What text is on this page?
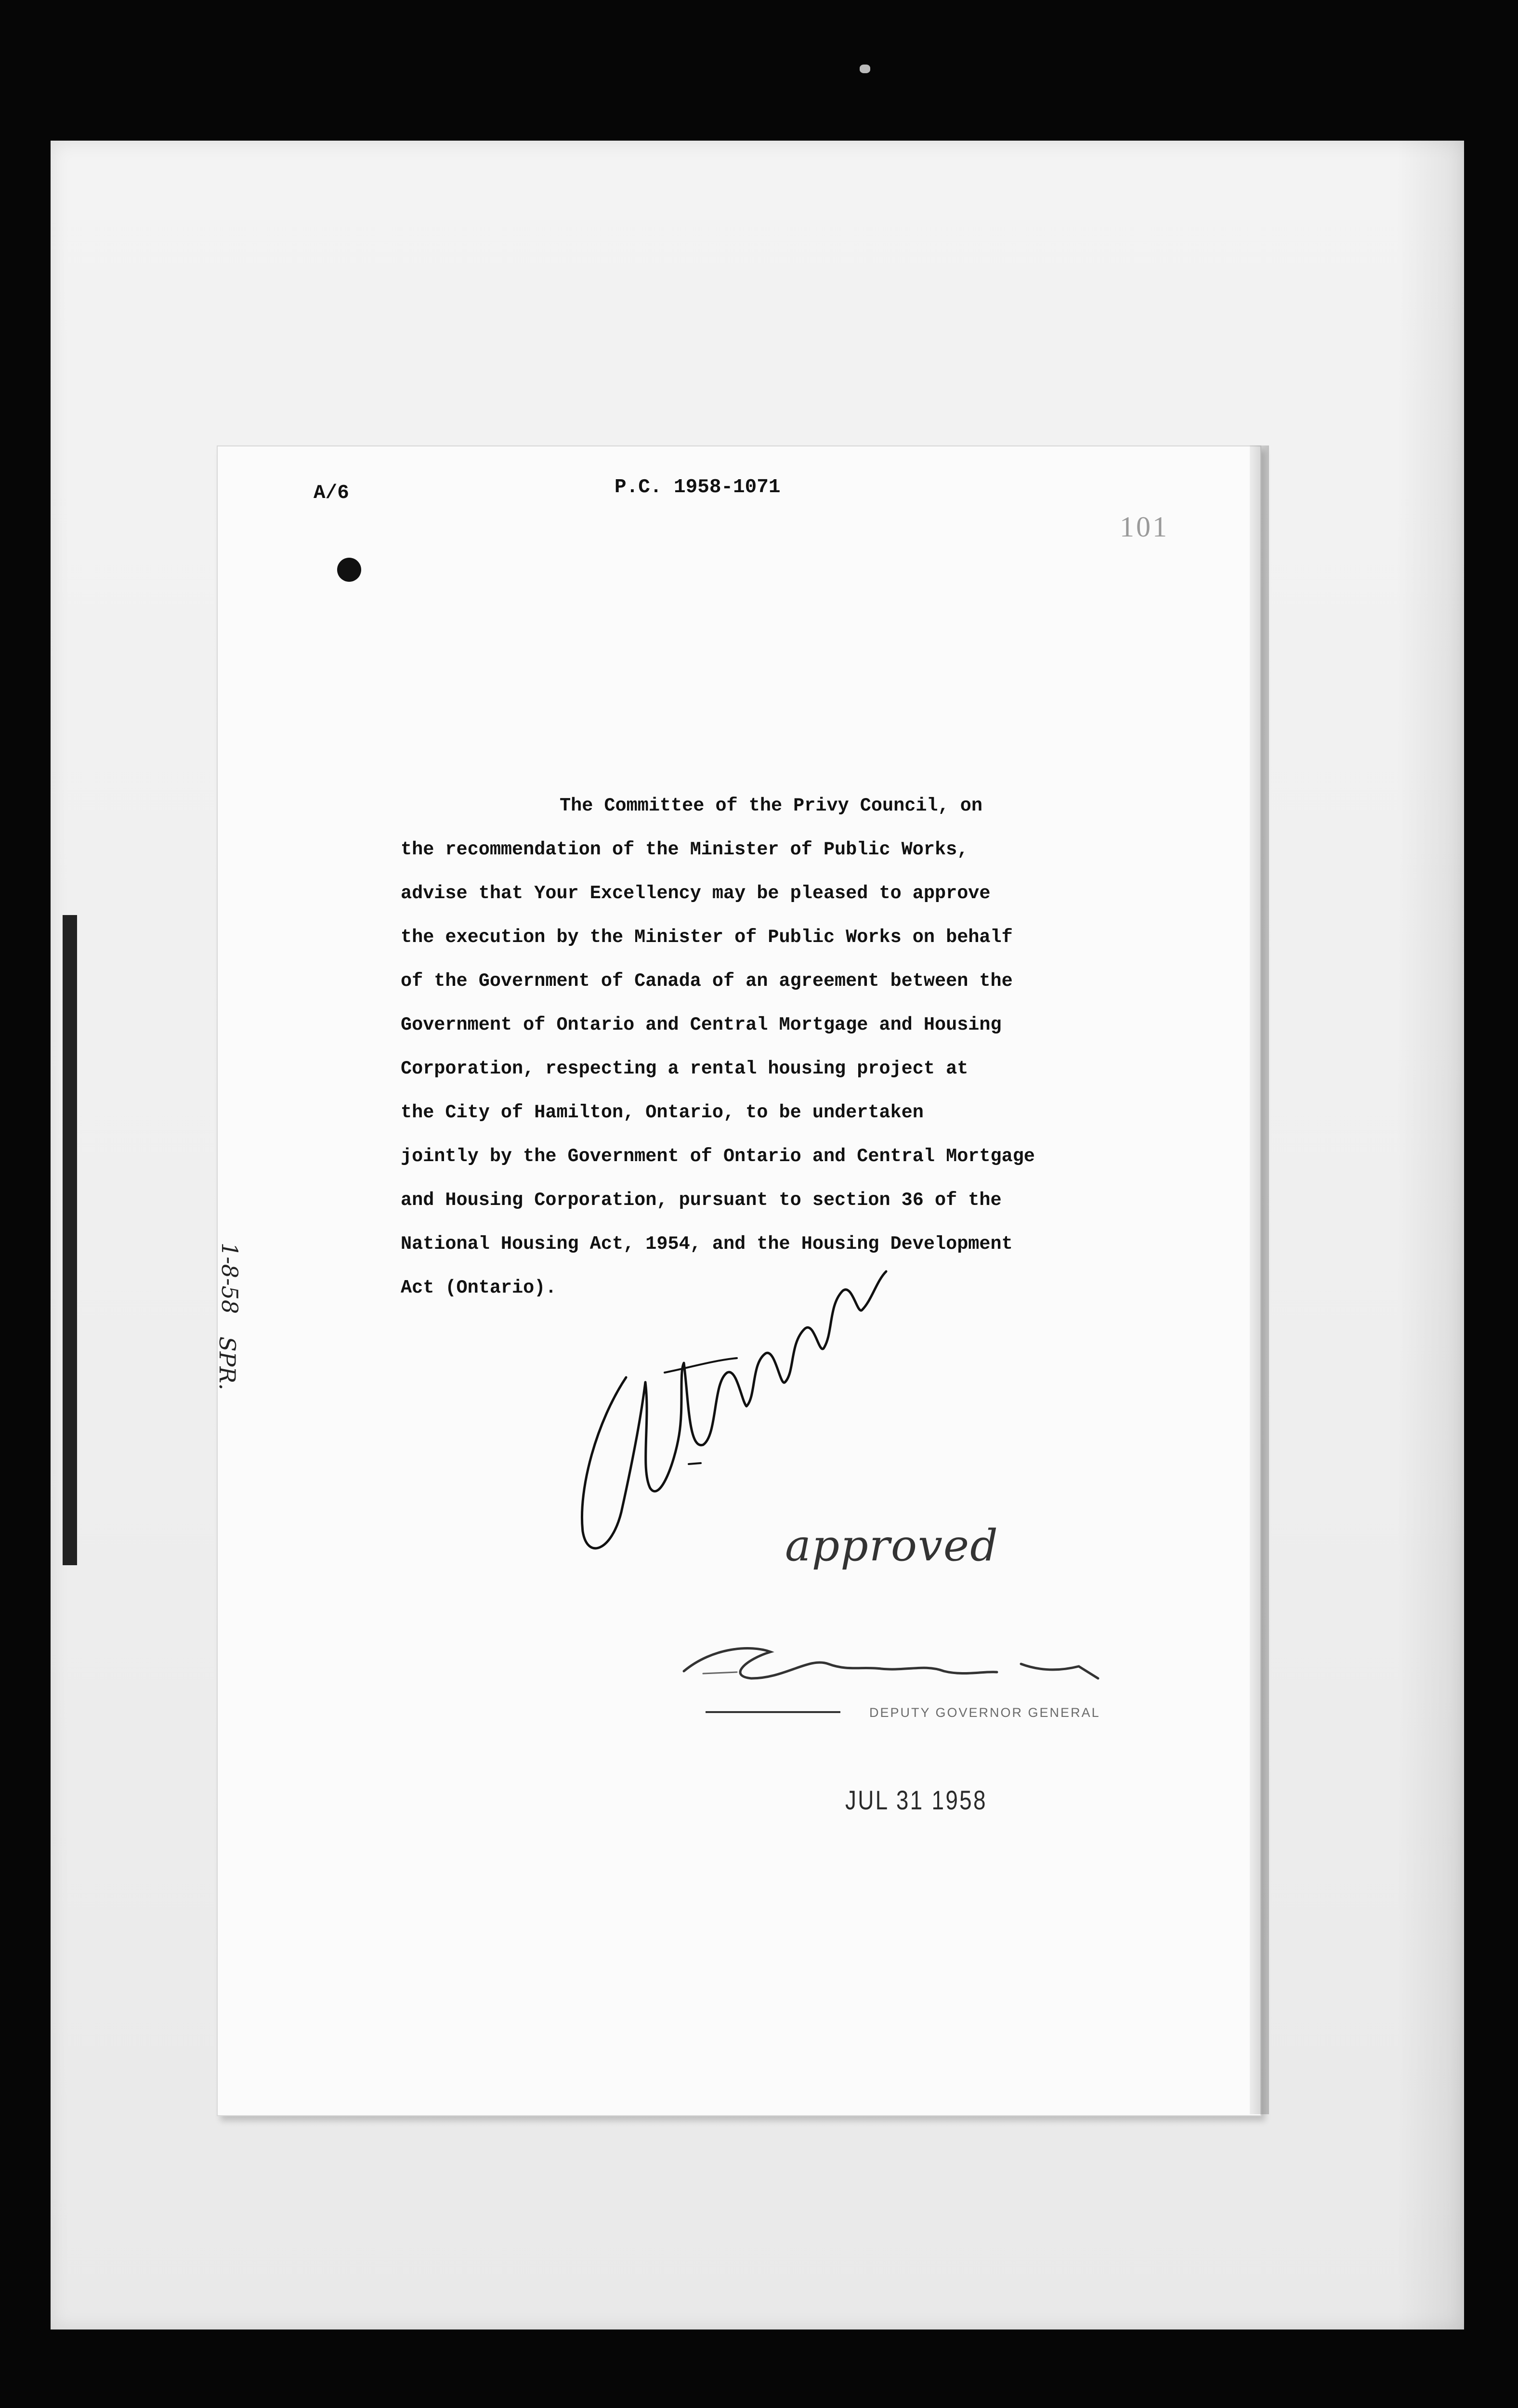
A/6	P.C. 1958-1071
101
The Committee of the Privy Council, on
the recommendation of the Minister of Public Works,
advise that Your Excellency may be pleased to approve
the execution by the Minister of Public Works on behalf
of the Government of Canada of an agreement between the
Government of Ontario and Central Mortgage and Housing
Corporation, respecting a rental housing project at
the City of Hamilton, Ontario, to be undertaken
jointly by the Government of Ontario and Central Mortgage
and Housing Corporation, pursuant to section 36 of the
National Housing Act, 1954, and the Housing Development
Act (Ontario).
1-8-58
SPR.
approved
DEPUTY GOVERNOR GENERAL
JUL 31 1958
